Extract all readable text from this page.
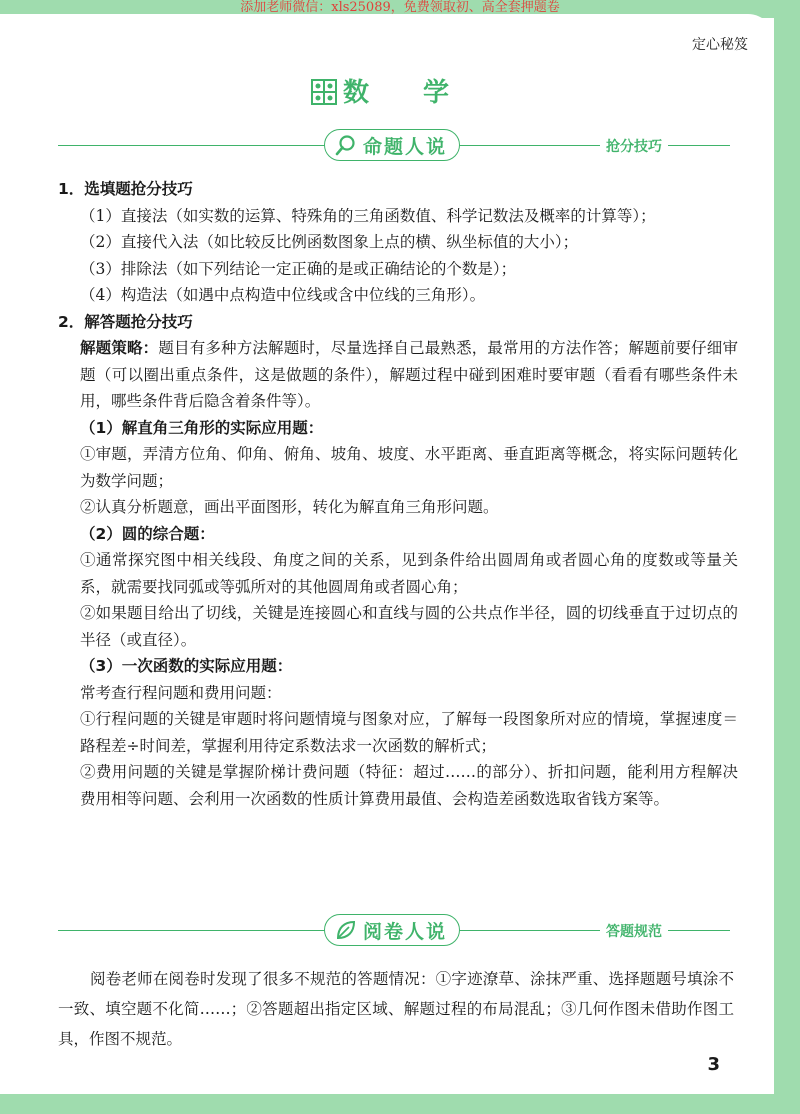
添加老师微信：xls25089，免费领取初、高全套押题卷
定心秘笈
数　学
命题人说	抢分技巧
1．选填题抢分技巧
（1）直接法（如实数的运算、特殊角的三角函数值、科学记数法及概率的计算等）；
（2）直接代入法（如比较反比例函数图象上点的横、纵坐标值的大小）；
（3）排除法（如下列结论一定正确的是或正确结论的个数是）；
（4）构造法（如遇中点构造中位线或含中位线的三角形）。
2．解答题抢分技巧
解题策略：题目有多种方法解题时，尽量选择自己最熟悉，最常用的方法作答；解题前要仔细审题（可以圈出重点条件，这是做题的条件），解题过程中碰到困难时要审题（看看有哪些条件未用，哪些条件背后隐含着条件等）。
（1）解直角三角形的实际应用题：
①审题，弄清方位角、仰角、俯角、坡角、坡度、水平距离、垂直距离等概念，将实际问题转化为数学问题；
②认真分析题意，画出平面图形，转化为解直角三角形问题。
（2）圆的综合题：
①通常探究图中相关线段、角度之间的关系，见到条件给出圆周角或者圆心角的度数或等量关系，就需要找同弧或等弧所对的其他圆周角或者圆心角；
②如果题目给出了切线，关键是连接圆心和直线与圆的公共点作半径，圆的切线垂直于过切点的半径（或直径）。
（3）一次函数的实际应用题：
常考查行程问题和费用问题：
①行程问题的关键是审题时将问题情境与图象对应，了解每一段图象所对应的情境，掌握速度＝路程差÷时间差，掌握利用待定系数法求一次函数的解析式；
②费用问题的关键是掌握阶梯计费问题（特征：超过……的部分）、折扣问题，能利用方程解决费用相等问题、会利用一次函数的性质计算费用最值、会构造差函数选取省钱方案等。
阅卷人说	答题规范
阅卷老师在阅卷时发现了很多不规范的答题情况：①字迹潦草、涂抹严重、选择题题号填涂不一致、填空题不化简……；②答题超出指定区域、解题过程的布局混乱；③几何作图未借助作图工具，作图不规范。
3
